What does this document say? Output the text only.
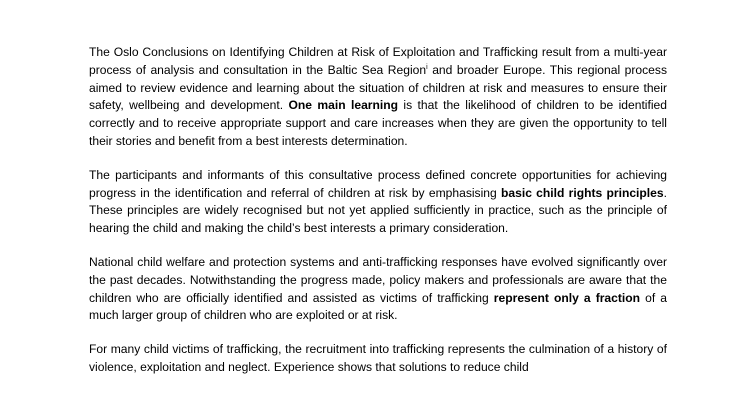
The Oslo Conclusions on Identifying Children at Risk of Exploitation and Trafficking result from a multi-year process of analysis and consultation in the Baltic Sea Region$^i$ and broader Europe. This regional process aimed to review evidence and learning about the situation of children at risk and measures to ensure their safety, wellbeing and development. One main learning is that the likelihood of children to be identified correctly and to receive appropriate support and care increases when they are given the opportunity to tell their stories and benefit from a best interests determination.

The participants and informants of this consultative process defined concrete opportunities for achieving progress in the identification and referral of children at risk by emphasising basic child rights principles. These principles are widely recognised but not yet applied sufficiently in practice, such as the principle of hearing the child and making the child’s best interests a primary consideration.

National child welfare and protection systems and anti-trafficking responses have evolved significantly over the past decades. Notwithstanding the progress made, policy makers and professionals are aware that the children who are officially identified and assisted as victims of trafficking represent only a fraction of a much larger group of children who are exploited or at risk.

For many child victims of trafficking, the recruitment into trafficking represents the culmination of a history of violence, exploitation and neglect. Experience shows that solutions to reduce child
